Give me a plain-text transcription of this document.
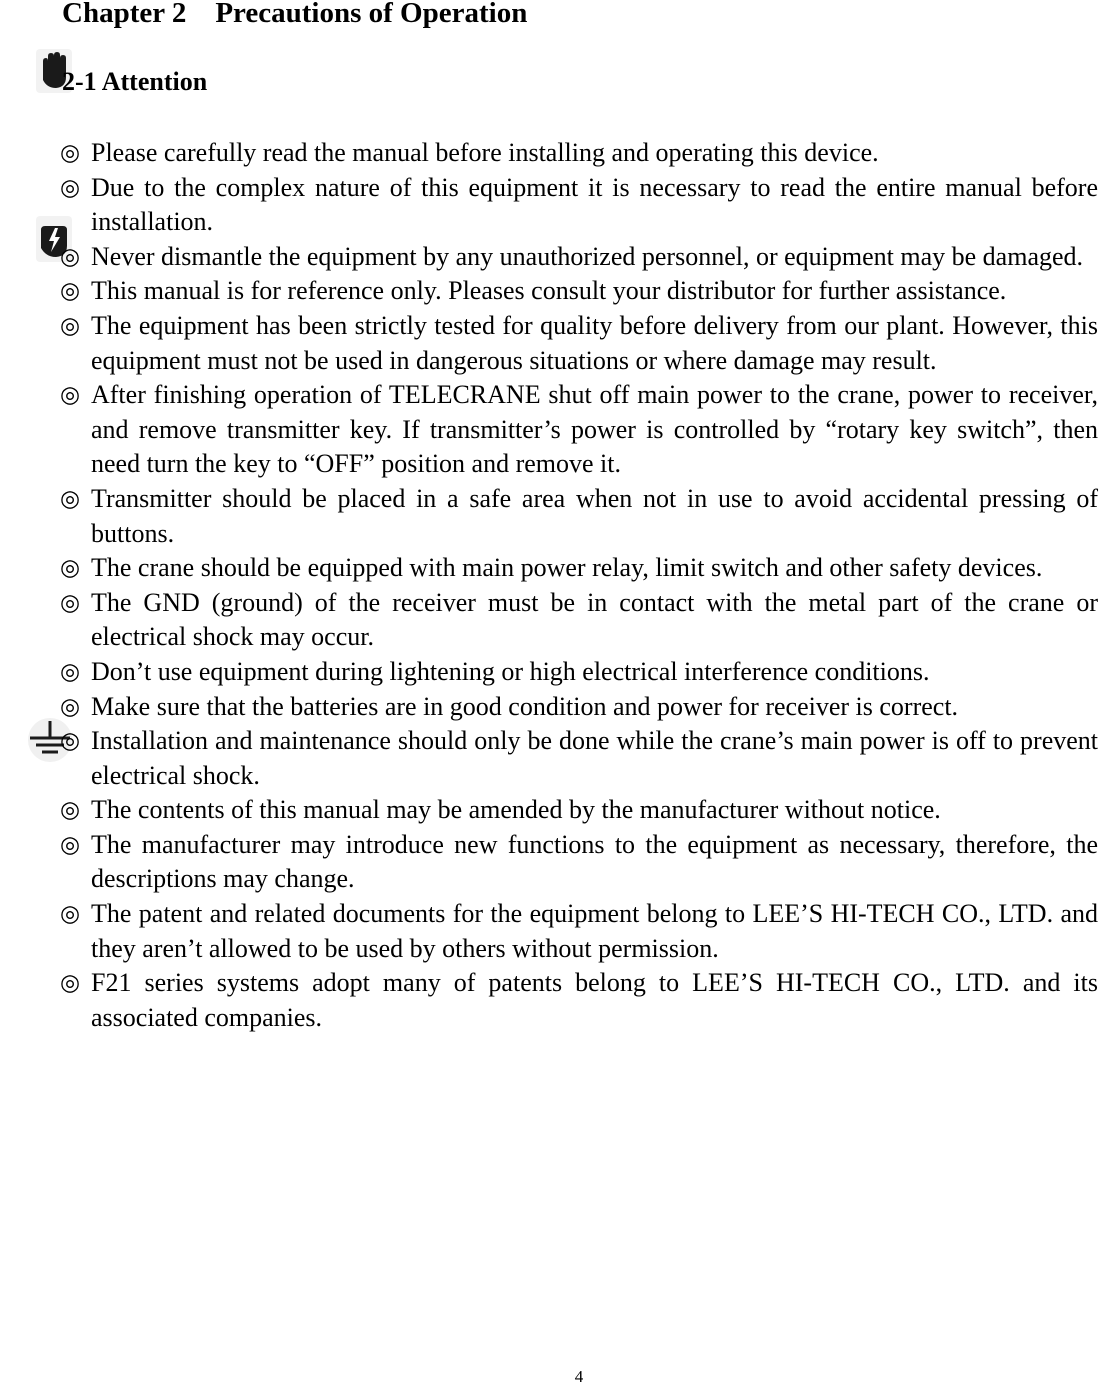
Chapter 2    Precautions of Operation
2-1 Attention
◎ Please carefully read the manual before installing and operating this device.
◎ Due to the complex nature of this equipment it is necessary to read the entire manual before installation.
◎ Never dismantle the equipment by any unauthorized personnel, or equipment may be damaged.
◎ This manual is for reference only. Pleases consult your distributor for further assistance.
◎ The equipment has been strictly tested for quality before delivery from our plant. However, this equipment must not be used in dangerous situations or where damage may result.
◎ After finishing operation of TELECRANE shut off main power to the crane, power to receiver, and remove transmitter key. If transmitter’s power is controlled by “rotary key switch”, then need turn the key to “OFF” position and remove it.
◎ Transmitter should be placed in a safe area when not in use to avoid accidental pressing of buttons.
◎ The crane should be equipped with main power relay, limit switch and other safety devices.
◎ The GND (ground) of the receiver must be in contact with the metal part of the crane or electrical shock may occur.
◎ Don’t use equipment during lightening or high electrical interference conditions.
◎ Make sure that the batteries are in good condition and power for receiver is correct.
◎ Installation and maintenance should only be done while the crane’s main power is off to prevent electrical shock.
◎ The contents of this manual may be amended by the manufacturer without notice.
◎ The manufacturer may introduce new functions to the equipment as necessary, therefore, the descriptions may change.
◎ The patent and related documents for the equipment belong to LEE’S HI-TECH CO., LTD. and they aren’t allowed to be used by others without permission.
◎ F21 series systems adopt many of patents belong to LEE’S HI-TECH CO., LTD. and its associated companies.
4
